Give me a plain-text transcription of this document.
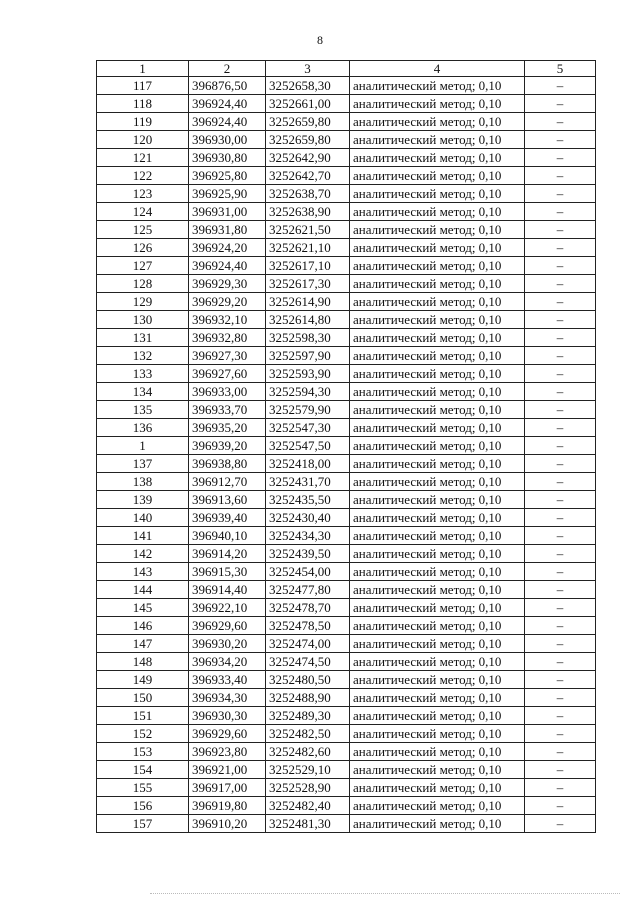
8
1	2	3	4	5
117	396876,50	3252658,30	аналитический метод; 0,10	–
118	396924,40	3252661,00	аналитический метод; 0,10	–
119	396924,40	3252659,80	аналитический метод; 0,10	–
120	396930,00	3252659,80	аналитический метод; 0,10	–
121	396930,80	3252642,90	аналитический метод; 0,10	–
122	396925,80	3252642,70	аналитический метод; 0,10	–
123	396925,90	3252638,70	аналитический метод; 0,10	–
124	396931,00	3252638,90	аналитический метод; 0,10	–
125	396931,80	3252621,50	аналитический метод; 0,10	–
126	396924,20	3252621,10	аналитический метод; 0,10	–
127	396924,40	3252617,10	аналитический метод; 0,10	–
128	396929,30	3252617,30	аналитический метод; 0,10	–
129	396929,20	3252614,90	аналитический метод; 0,10	–
130	396932,10	3252614,80	аналитический метод; 0,10	–
131	396932,80	3252598,30	аналитический метод; 0,10	–
132	396927,30	3252597,90	аналитический метод; 0,10	–
133	396927,60	3252593,90	аналитический метод; 0,10	–
134	396933,00	3252594,30	аналитический метод; 0,10	–
135	396933,70	3252579,90	аналитический метод; 0,10	–
136	396935,20	3252547,30	аналитический метод; 0,10	–
1	396939,20	3252547,50	аналитический метод; 0,10	–
137	396938,80	3252418,00	аналитический метод; 0,10	–
138	396912,70	3252431,70	аналитический метод; 0,10	–
139	396913,60	3252435,50	аналитический метод; 0,10	–
140	396939,40	3252430,40	аналитический метод; 0,10	–
141	396940,10	3252434,30	аналитический метод; 0,10	–
142	396914,20	3252439,50	аналитический метод; 0,10	–
143	396915,30	3252454,00	аналитический метод; 0,10	–
144	396914,40	3252477,80	аналитический метод; 0,10	–
145	396922,10	3252478,70	аналитический метод; 0,10	–
146	396929,60	3252478,50	аналитический метод; 0,10	–
147	396930,20	3252474,00	аналитический метод; 0,10	–
148	396934,20	3252474,50	аналитический метод; 0,10	–
149	396933,40	3252480,50	аналитический метод; 0,10	–
150	396934,30	3252488,90	аналитический метод; 0,10	–
151	396930,30	3252489,30	аналитический метод; 0,10	–
152	396929,60	3252482,50	аналитический метод; 0,10	–
153	396923,80	3252482,60	аналитический метод; 0,10	–
154	396921,00	3252529,10	аналитический метод; 0,10	–
155	396917,00	3252528,90	аналитический метод; 0,10	–
156	396919,80	3252482,40	аналитический метод; 0,10	–
157	396910,20	3252481,30	аналитический метод; 0,10	–
